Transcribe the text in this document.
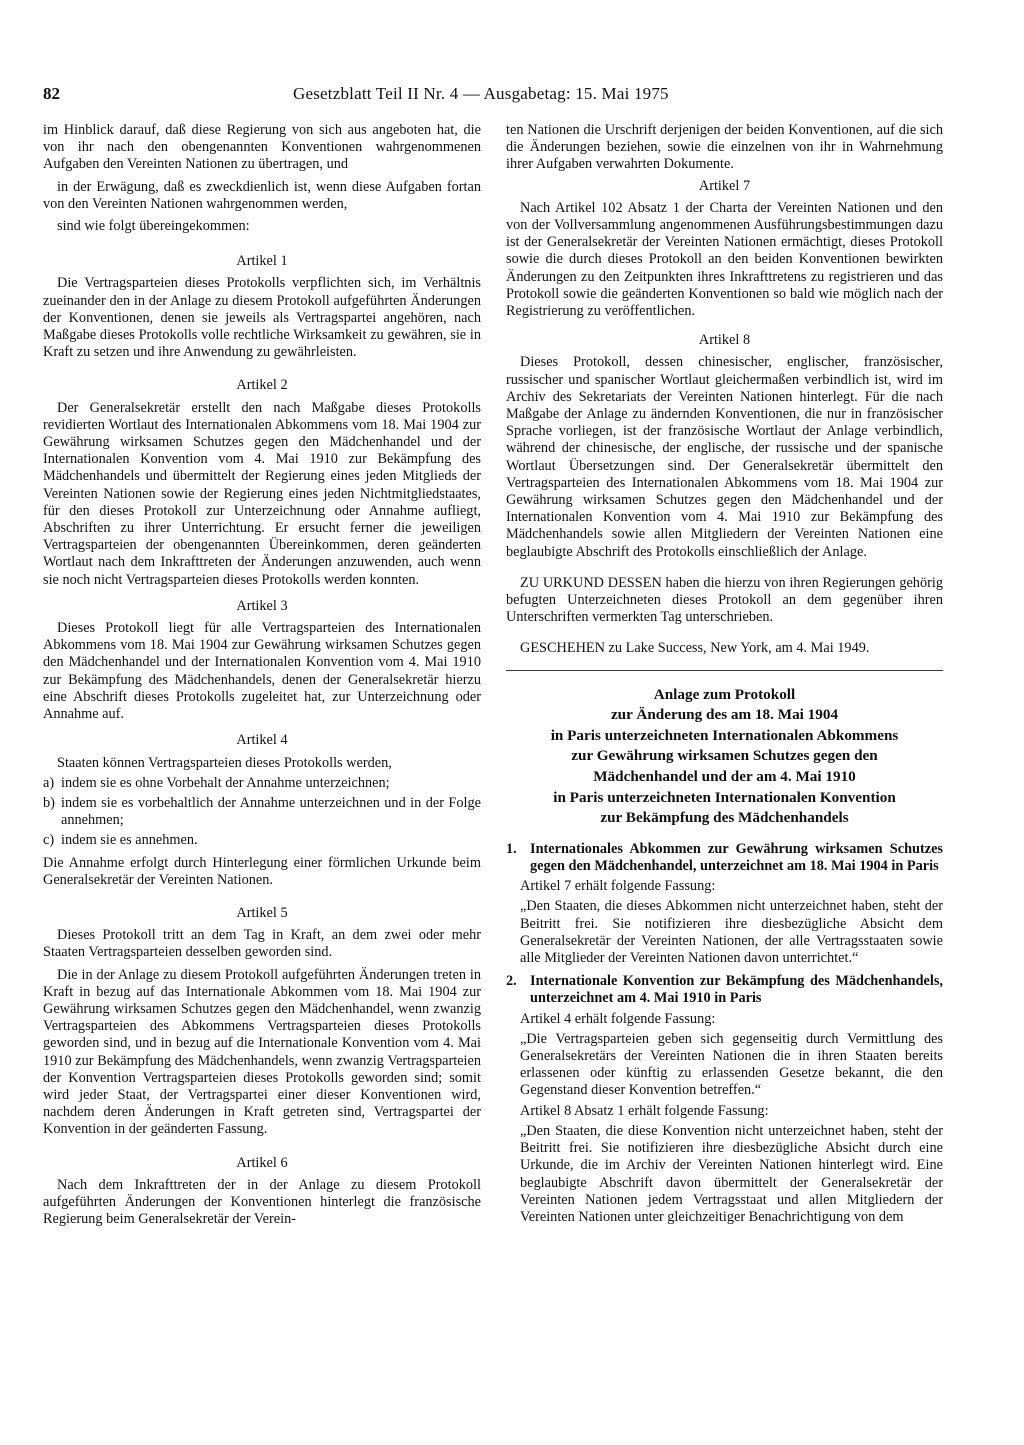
82	Gesetzblatt Teil II Nr. 4 — Ausgabetag: 15. Mai 1975

im Hinblick darauf, daß diese Regierung von sich aus angeboten hat, die von ihr nach den obengenannten Konventionen wahrgenommenen Aufgaben den Vereinten Nationen zu übertragen, und

in der Erwägung, daß es zweckdienlich ist, wenn diese Aufgaben fortan von den Vereinten Nationen wahrgenommen werden,

sind wie folgt übereingekommen:

Artikel 1

Die Vertragsparteien dieses Protokolls verpflichten sich, im Verhältnis zueinander den in der Anlage zu diesem Protokoll aufgeführten Änderungen der Konventionen, denen sie jeweils als Vertragspartei angehören, nach Maßgabe dieses Protokolls volle rechtliche Wirksamkeit zu gewähren, sie in Kraft zu setzen und ihre Anwendung zu gewährleisten.

Artikel 2

Der Generalsekretär erstellt den nach Maßgabe dieses Protokolls revidierten Wortlaut des Internationalen Abkommens vom 18. Mai 1904 zur Gewährung wirksamen Schutzes gegen den Mädchenhandel und der Internationalen Konvention vom 4. Mai 1910 zur Bekämpfung des Mädchenhandels und übermittelt der Regierung eines jeden Mitglieds der Vereinten Nationen sowie der Regierung eines jeden Nichtmitgliedstaates, für den dieses Protokoll zur Unterzeichnung oder Annahme aufliegt, Abschriften zu ihrer Unterrichtung. Er ersucht ferner die jeweiligen Vertragsparteien der obengenannten Übereinkommen, deren geänderten Wortlaut nach dem Inkrafttreten der Änderungen anzuwenden, auch wenn sie noch nicht Vertragsparteien dieses Protokolls werden konnten.

Artikel 3

Dieses Protokoll liegt für alle Vertragsparteien des Internationalen Abkommens vom 18. Mai 1904 zur Gewährung wirksamen Schutzes gegen den Mädchenhandel und der Internationalen Konvention vom 4. Mai 1910 zur Bekämpfung des Mädchenhandels, denen der Generalsekretär hierzu eine Abschrift dieses Protokolls zugeleitet hat, zur Unterzeichnung oder Annahme auf.

Artikel 4

Staaten können Vertragsparteien dieses Protokolls werden,

a) indem sie es ohne Vorbehalt der Annahme unterzeichnen;

b) indem sie es vorbehaltlich der Annahme unterzeichnen und in der Folge annehmen;

c) indem sie es annehmen.

Die Annahme erfolgt durch Hinterlegung einer förmlichen Urkunde beim Generalsekretär der Vereinten Nationen.

Artikel 5

Dieses Protokoll tritt an dem Tag in Kraft, an dem zwei oder mehr Staaten Vertragsparteien desselben geworden sind.

Die in der Anlage zu diesem Protokoll aufgeführten Änderungen treten in Kraft in bezug auf das Internationale Abkommen vom 18. Mai 1904 zur Gewährung wirksamen Schutzes gegen den Mädchenhandel, wenn zwanzig Vertragsparteien des Abkommens Vertragsparteien dieses Protokolls geworden sind, und in bezug auf die Internationale Konvention vom 4. Mai 1910 zur Bekämpfung des Mädchenhandels, wenn zwanzig Vertragsparteien der Konvention Vertragsparteien dieses Protokolls geworden sind; somit wird jeder Staat, der Vertragspartei einer dieser Konventionen wird, nachdem deren Änderungen in Kraft getreten sind, Vertragspartei der Konvention in der geänderten Fassung.

Artikel 6

Nach dem Inkrafttreten der in der Anlage zu diesem Protokoll aufgeführten Änderungen der Konventionen hinterlegt die französische Regierung beim Generalsekretär der Verein-

ten Nationen die Urschrift derjenigen der beiden Konventionen, auf die sich die Änderungen beziehen, sowie die einzelnen von ihr in Wahrnehmung ihrer Aufgaben verwahrten Dokumente.

Artikel 7

Nach Artikel 102 Absatz 1 der Charta der Vereinten Nationen und den von der Vollversammlung angenommenen Ausführungsbestimmungen dazu ist der Generalsekretär der Vereinten Nationen ermächtigt, dieses Protokoll sowie die durch dieses Protokoll an den beiden Konventionen bewirkten Änderungen zu den Zeitpunkten ihres Inkrafttretens zu registrieren und das Protokoll sowie die geänderten Konventionen so bald wie möglich nach der Registrierung zu veröffentlichen.

Artikel 8

Dieses Protokoll, dessen chinesischer, englischer, französischer, russischer und spanischer Wortlaut gleichermaßen verbindlich ist, wird im Archiv des Sekretariats der Vereinten Nationen hinterlegt. Für die nach Maßgabe der Anlage zu ändernden Konventionen, die nur in französischer Sprache vorliegen, ist der französische Wortlaut der Anlage verbindlich, während der chinesische, der englische, der russische und der spanische Wortlaut Übersetzungen sind. Der Generalsekretär übermittelt den Vertragsparteien des Internationalen Abkommens vom 18. Mai 1904 zur Gewährung wirksamen Schutzes gegen den Mädchenhandel und der Internationalen Konvention vom 4. Mai 1910 zur Bekämpfung des Mädchenhandels sowie allen Mitgliedern der Vereinten Nationen eine beglaubigte Abschrift des Protokolls einschließlich der Anlage.

ZU URKUND DESSEN haben die hierzu von ihren Regierungen gehörig befugten Unterzeichneten dieses Protokoll an dem gegenüber ihren Unterschriften vermerkten Tag unterschrieben.

GESCHEHEN zu Lake Success, New York, am 4. Mai 1949.

Anlage zum Protokoll
zur Änderung des am 18. Mai 1904
in Paris unterzeichneten Internationalen Abkommens
zur Gewährung wirksamen Schutzes gegen den
Mädchenhandel und der am 4. Mai 1910
in Paris unterzeichneten Internationalen Konvention
zur Bekämpfung des Mädchenhandels

1. Internationales Abkommen zur Gewährung wirksamen Schutzes gegen den Mädchenhandel, unterzeichnet am 18. Mai 1904 in Paris

Artikel 7 erhält folgende Fassung:

„Den Staaten, die dieses Abkommen nicht unterzeichnet haben, steht der Beitritt frei. Sie notifizieren ihre diesbezügliche Absicht dem Generalsekretär der Vereinten Nationen, der alle Vertragsstaaten sowie alle Mitglieder der Vereinten Nationen davon unterrichtet.“

2. Internationale Konvention zur Bekämpfung des Mädchenhandels, unterzeichnet am 4. Mai 1910 in Paris

Artikel 4 erhält folgende Fassung:

„Die Vertragsparteien geben sich gegenseitig durch Vermittlung des Generalsekretärs der Vereinten Nationen die in ihren Staaten bereits erlassenen oder künftig zu erlassenden Gesetze bekannt, die den Gegenstand dieser Konvention betreffen.“

Artikel 8 Absatz 1 erhält folgende Fassung:

„Den Staaten, die diese Konvention nicht unterzeichnet haben, steht der Beitritt frei. Sie notifizieren ihre diesbezügliche Absicht durch eine Urkunde, die im Archiv der Vereinten Nationen hinterlegt wird. Eine beglaubigte Abschrift davon übermittelt der Generalsekretär der Vereinten Nationen jedem Vertragsstaat und allen Mitgliedern der Vereinten Nationen unter gleichzeitiger Benachrichtigung von dem
